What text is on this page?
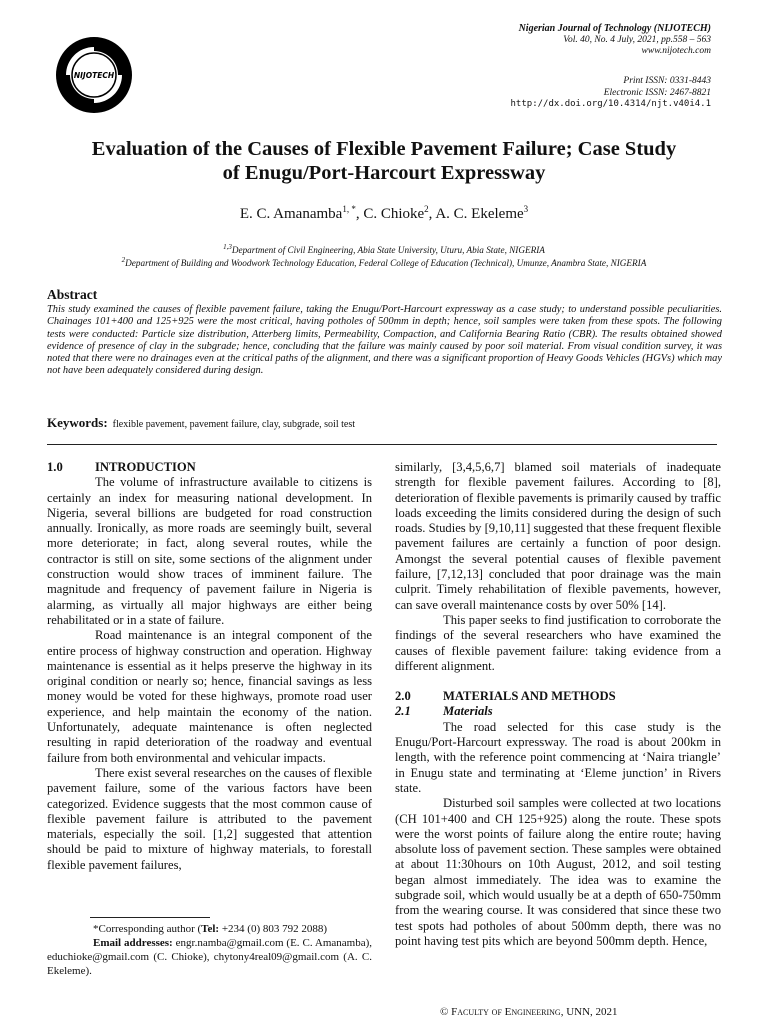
NIJOTECH
Nigerian Journal of Technology (NIJOTECH)
Vol. 40, No. 4 July, 2021, pp.558 – 563
www.nijotech.com
Print ISSN: 0331-8443
Electronic ISSN: 2467-8821
http://dx.doi.org/10.4314/njt.v40i4.1
Evaluation of the Causes of Flexible Pavement Failure; Case Study
of Enugu/Port-Harcourt Expressway
E. C. Amanamba$^{1, *}$, C. Chioke$^2$, A. C. Ekeleme$^3$
$^{1,3}$Department of Civil Engineering, Abia State University, Uturu, Abia State, NIGERIA
$^2$Department of Building and Woodwork Technology Education, Federal College of Education (Technical), Umunze, Anambra State, NIGERIA
Abstract
This study examined the causes of flexible pavement failure, taking the Enugu/Port-Harcourt expressway as a case study; to understand possible peculiarities. Chainages 101+400 and 125+925 were the most critical, having potholes of 500mm in depth; hence, soil samples were taken from these spots. The following tests were conducted: Particle size distribution, Atterberg limits, Permeability, Compaction, and California Bearing Ratio (CBR). The results obtained showed evidence of presence of clay in the subgrade; hence, concluding that the failure was mainly caused by poor soil material. From visual condition survey, it was noted that there were no drainages even at the critical paths of the alignment, and there was a significant proportion of Heavy Goods Vehicles (HGVs) which may not have been adequately considered during design.
Keywords: flexible pavement, pavement failure, clay, subgrade, soil test
1.0	INTRODUCTION

The volume of infrastructure available to citizens is certainly an index for measuring national development. In Nigeria, several billions are budgeted for road construction annually. Ironically, as more roads are seemingly built, several more deteriorate; in fact, along several routes, while the contractor is still on site, some sections of the alignment under construction would show traces of imminent failure. The magnitude and frequency of pavement failure in Nigeria is alarming, as virtually all major highways are either being rehabilitated or in a state of failure.

Road maintenance is an integral component of the entire process of highway construction and operation. Highway maintenance is essential as it helps preserve the highway in its original condition or nearly so; hence, financial savings as less money would be voted for these highways, promote road user experience, and help maintain the economy of the nation. Unfortunately, adequate maintenance is often neglected resulting in rapid deterioration of the roadway and eventual failure from both environmental and vehicular impacts.

There exist several researches on the causes of flexible pavement failure, some of the various factors have been categorized. Evidence suggests that the most common cause of flexible pavement failure is attributed to the pavement materials, especially the soil. [1,2] suggested that attention should be paid to mixture of highway materials, to forestall flexible pavement failures,

*Corresponding author (Tel: +234 (0) 803 792 2088)

Email addresses: engr.namba@gmail.com (E. C. Amanamba), educhioke@gmail.com (C. Chioke), chytony4real09@gmail.com (A. C. Ekeleme).

similarly, [3,4,5,6,7] blamed soil materials of inadequate strength for flexible pavement failures. According to [8], deterioration of flexible pavements is primarily caused by traffic loads exceeding the limits considered during the design of such roads. Studies by [9,10,11] suggested that these frequent flexible pavement failures are certainly a function of poor design. Amongst the several potential causes of flexible pavement failure, [7,12,13] concluded that poor drainage was the main culprit. Timely rehabilitation of flexible pavements, however, can save overall maintenance costs by over 50% [14].

This paper seeks to find justification to corroborate the findings of the several researchers who have examined the causes of flexible pavement failure: taking evidence from a different alignment.

2.0	MATERIALS AND METHODS
2.1	Materials

The road selected for this case study is the Enugu/Port-Harcourt expressway. The road is about 200km in length, with the reference point commencing at ‘Naira triangle’ in Enugu state and terminating at ‘Eleme junction’ in Rivers state.

Disturbed soil samples were collected at two locations (CH 101+400 and CH 125+925) along the route. These spots were the worst points of failure along the entire route; having absolute loss of pavement section. These samples were obtained at about 11:30hours on 10th August, 2012, and soil testing began almost immediately. The idea was to examine the subgrade soil, which would usually be at a depth of 650-750mm from the wearing course. It was considered that since these two test spots had potholes of about 500mm depth, there was no point having test pits which are beyond 500mm depth. Hence,

© Faculty of Engineering, UNN, 2021
